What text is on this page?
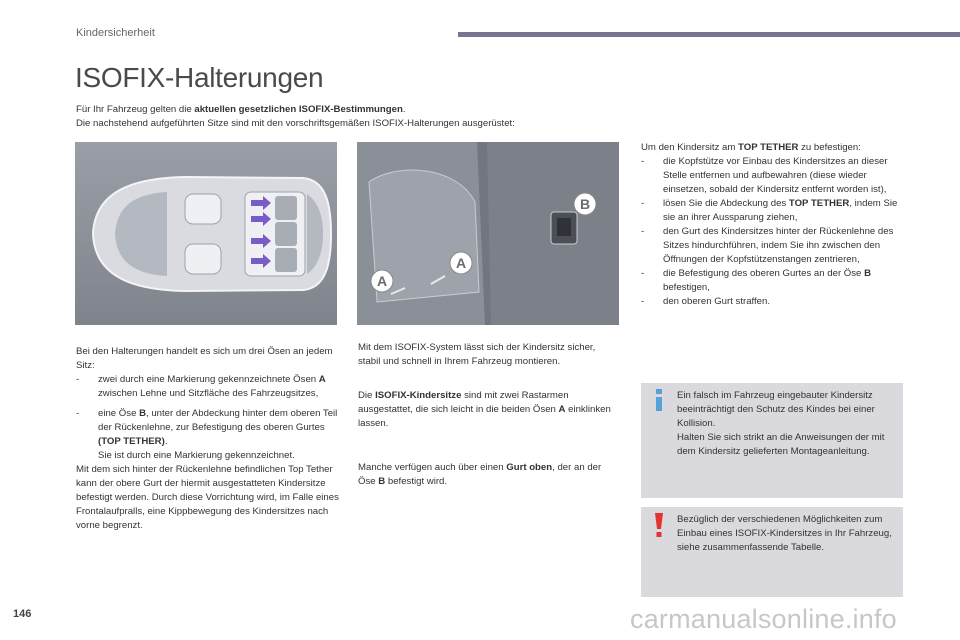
Kindersicherheit
ISOFIX-Halterungen
Für Ihr Fahrzeug gelten die aktuellen gesetzlichen ISOFIX-Bestimmungen.
Die nachstehend aufgeführten Sitze sind mit den vorschriftsgemäßen ISOFIX-Halterungen ausgerüstet:
B
A
A
Bei den Halterungen handelt es sich um drei Ösen an jedem Sitz:
- zwei durch eine Markierung gekennzeichnete Ösen A zwischen Lehne und Sitzfläche des Fahrzeugsitzes,
- eine Öse B, unter der Abdeckung hinter dem oberen Teil der Rückenlehne, zur Befestigung des oberen Gurtes (TOP TETHER).
Sie ist durch eine Markierung gekennzeichnet.
Mit dem sich hinter der Rückenlehne befindlichen Top Tether kann der obere Gurt der hiermit ausgestatteten Kindersitze befestigt werden. Durch diese Vorrichtung wird, im Falle eines Frontalaufpralls, eine Kippbewegung des Kindersitzes nach vorne begrenzt.
Mit dem ISOFIX-System lässt sich der Kindersitz sicher, stabil und schnell in Ihrem Fahrzeug montieren.
Die ISOFIX-Kindersitze sind mit zwei Rastarmen ausgestattet, die sich leicht in die beiden Ösen A einklinken lassen.
Manche verfügen auch über einen Gurt oben, der an der Öse B befestigt wird.
Um den Kindersitz am TOP TETHER zu befestigen:
- die Kopfstütze vor Einbau des Kindersitzes an dieser Stelle entfernen und aufbewahren (diese wieder einsetzen, sobald der Kindersitz entfernt worden ist),
- lösen Sie die Abdeckung des TOP TETHER, indem Sie sie an ihrer Aussparung ziehen,
- den Gurt des Kindersitzes hinter der Rückenlehne des Sitzes hindurchführen, indem Sie ihn zwischen den Öffnungen der Kopfstützenstangen zentrieren,
- die Befestigung des oberen Gurtes an der Öse B befestigen,
- den oberen Gurt straffen.
Ein falsch im Fahrzeug eingebauter Kindersitz beeinträchtigt den Schutz des Kindes bei einer Kollision.
Halten Sie sich strikt an die Anweisungen der mit dem Kindersitz gelieferten Montageanleitung.
Bezüglich der verschiedenen Möglichkeiten zum Einbau eines ISOFIX-Kindersitzes in Ihr Fahrzeug, siehe zusammenfassende Tabelle.
146	carmanualsonline.info
